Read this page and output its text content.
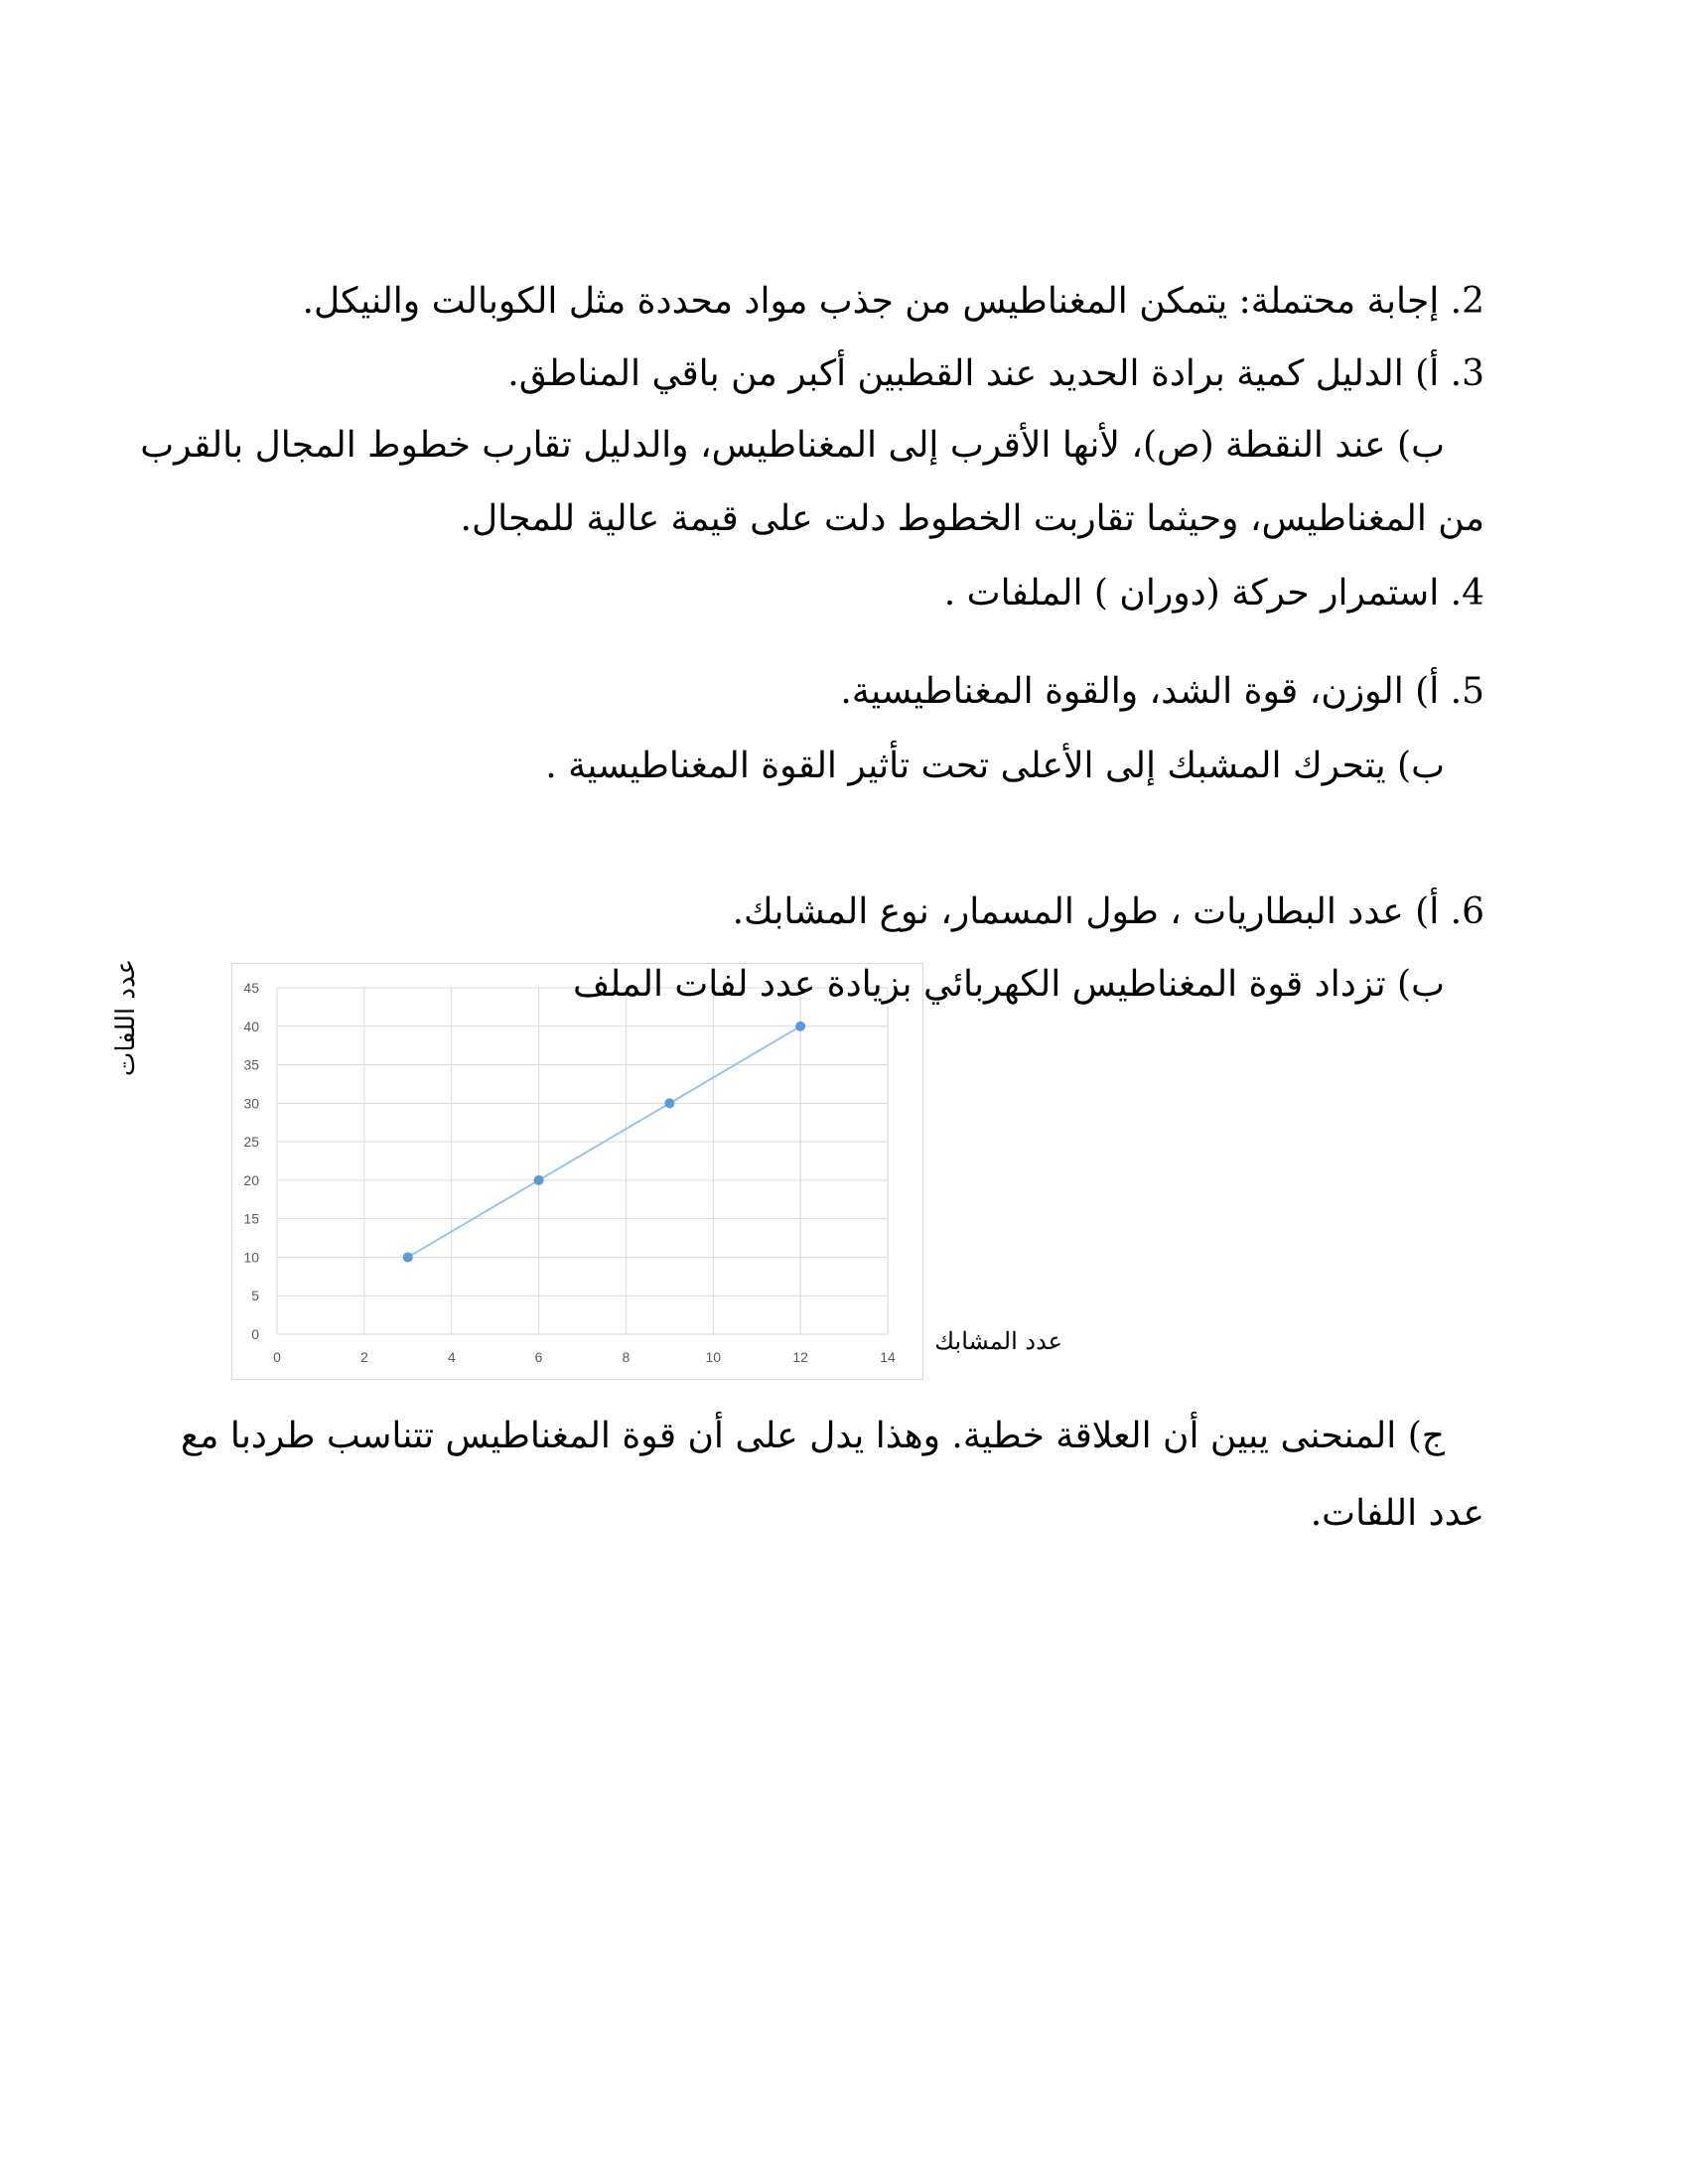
2. إجابة محتملة: يتمكن المغناطيس من جذب مواد محددة مثل الكوبالت والنيكل.
3. أ) الدليل كمية برادة الحديد عند القطبين أكبر من باقي المناطق.
ب) عند النقطة (ص)، لأنها الأقرب إلى المغناطيس، والدليل تقارب خطوط المجال بالقرب
من المغناطيس، وحيثما تقاربت الخطوط دلت على قيمة عالية للمجال.
4. استمرار حركة (دوران ) الملفات .
5. أ) الوزن، قوة الشد، والقوة المغناطيسية.
ب) يتحرك المشبك إلى الأعلى تحت تأثير القوة المغناطيسية .
6. أ) عدد البطاريات ، طول المسمار، نوع المشابك.
0
5
10
15
20
25
30
35
40
45
0	2	4	6	8	10	12	14
ب) تزداد قوة المغناطيس الكهربائي بزيادة عدد لفات الملف
عدد اللفات
عدد المشابك
ج) المنحنى يبين أن العلاقة خطية. وهذا يدل على أن قوة المغناطيس تتناسب طردبا مع
عدد اللفات.
